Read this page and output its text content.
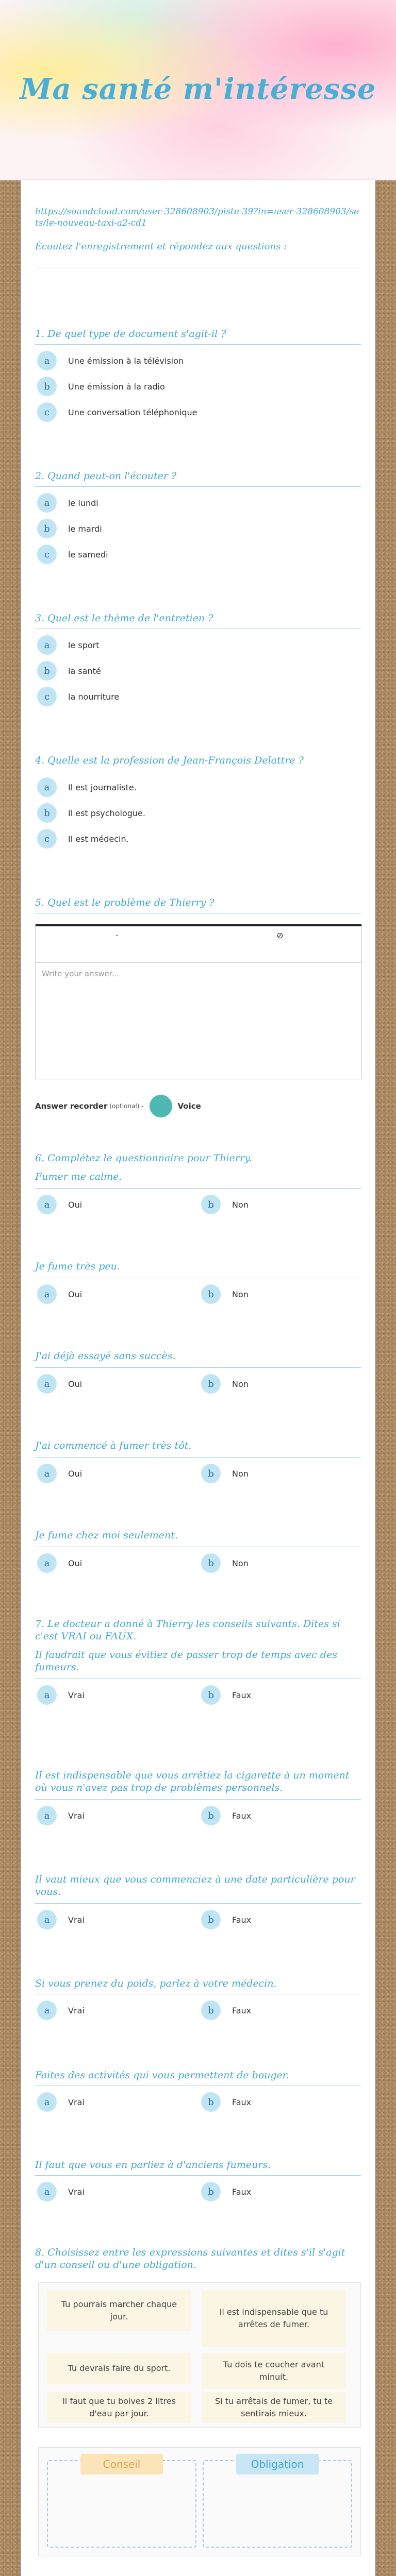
Ma santé m'intéresse
https://soundcloud.com/user-328608903/piste-39?in=user-328608903/sets/le-nouveau-taxi-a2-cd1
Écoutez l'enregistrement et répondez aux questions :
1. De quel type de document s'agit-il ?
a	Une émission à la télévision
b	Une émission à la radio
c	Une conversation téléphonique
2. Quand peut-on l'écouter ?
a	le lundi
b	le mardi
c	le samedi
3. Quel est le thème de l'entretien ?
a	le sport
b	la santé
c	la nourriture
4. Quelle est la profession de Jean-François Delattre ?
a	Il est journaliste.
b	Il est psychologue.
c	Il est médecin.
5. Quel est le problème de Thierry ?
-	⊘
Write your answer...
Answer recorder (optional) -	Voice
6. Complétez le questionnaire pour Thierry.
Fumer me calme.
a	Oui	b	Non
Je fume très peu.
a	Oui	b	Non
J'ai déjà essayé sans succès.
a	Oui	b	Non
J'ai commencé à fumer très tôt.
a	Oui	b	Non
Je fume chez moi seulement.
a	Oui	b	Non
7. Le docteur a donné à Thierry les conseils suivants. Dites si c'est VRAI ou FAUX.
Il faudrait que vous évitiez de passer trop de temps avec des fumeurs.
a	Vrai	b	Faux
Il est indispensable que vous arrêtiez la cigarette à un moment où vous n'avez pas trop de problèmes personnels.
a	Vrai	b	Faux
Il vaut mieux que vous commenciez à une date particulière pour vous.
a	Vrai	b	Faux
Si vous prenez du poids, parlez à votre médecin.
a	Vrai	b	Faux
Faites des activités qui vous permettent de bouger.
a	Vrai	b	Faux
Il faut que vous en parliez à d'anciens fumeurs.
a	Vrai	b	Faux
8. Choisissez entre les expressions suivantes et dites s'il s'agit d'un conseil ou d'une obligation.
Tu pourrais marcher chaque jour.	Il est indispensable que tu arrêtes de fumer.
Tu devrais faire du sport.	Tu dois te coucher avant minuit.
Il faut que tu boives 2 litres d'eau par jour.
Si tu arrêtais de fumer, tu te sentirais mieux.
Conseil	Obligation
